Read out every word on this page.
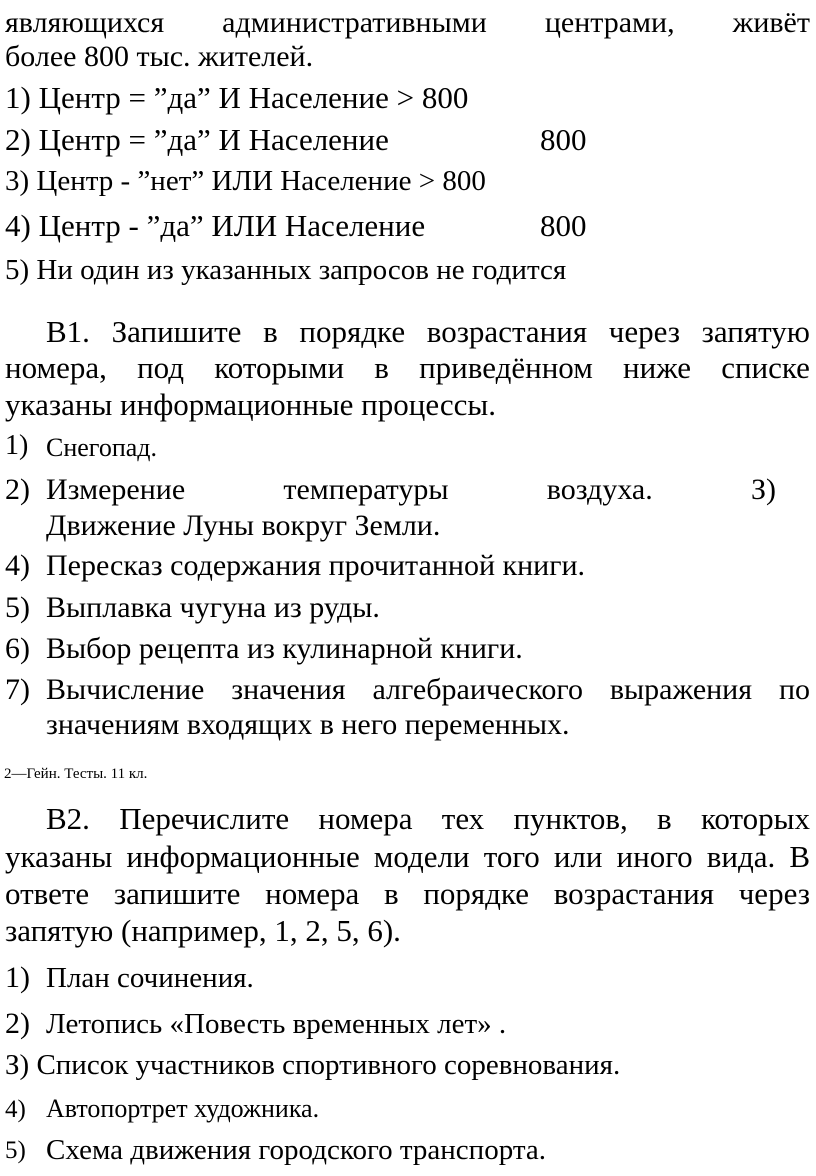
являющихся административными центрами, живёт
более 800 тыс. жителей.
1) Центр = ”да” И Население > 800
2) Центр = ”да” И Население	800
3) Центр - ”нет” ИЛИ Население > 800
4) Центр - ”да” ИЛИ Население	800
5) Ни один из указанных запросов не годится
В1. Запишите в порядке возрастания через запятую
номера, под которыми в приведённом ниже списке
указаны информационные процессы.
1) Снегопад.
2) Измерение	температуры	воздуха.	З)
Движение Луны вокруг Земли.
4) Пересказ содержания прочитанной книги.
5) Выплавка чугуна из руды.
6) Выбор рецепта из кулинарной книги.
7) Вычисление значения алгебраического выражения по
значениям входящих в него переменных.
2—Гейн. Тесты. 11 кл.
В2. Перечислите номера тех пунктов, в которых
указаны информационные модели того или иного вида. В
ответе запишите номера в порядке возрастания через
запятую (например, 1, 2, 5, 6).
1) План сочинения.
2) Летопись «Повесть временных лет» .
З) Список участников спортивного соревнования.
4) Автопортрет художника.
5) Схема движения городского транспорта.
